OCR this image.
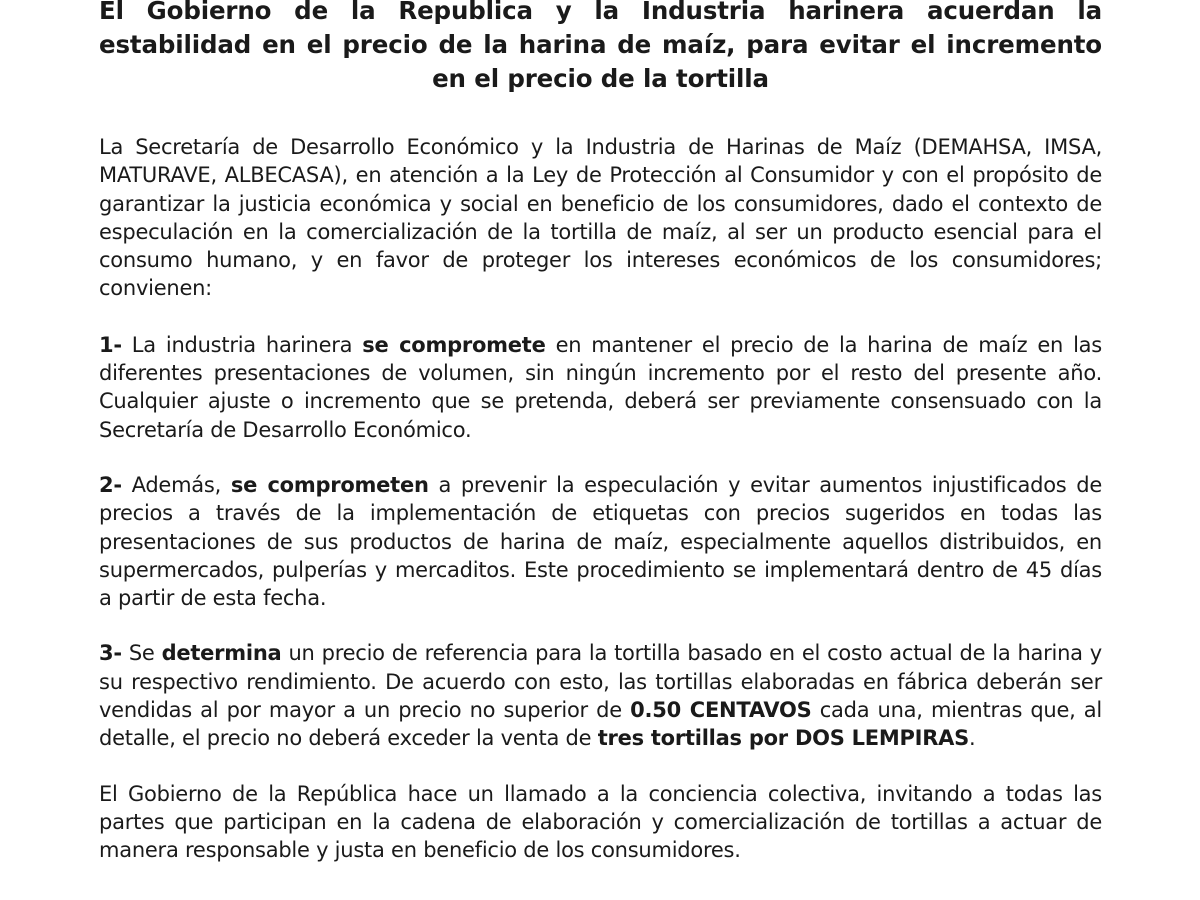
El Gobierno de la Republica y la Industria harinera acuerdan la estabilidad en el precio de la harina de maíz, para evitar el incremento en el precio de la tortilla

La Secretaría de Desarrollo Económico y la Industria de Harinas de Maíz (DEMAHSA, IMSA, MATURAVE, ALBECASA), en atención a la Ley de Protección al Consumidor y con el propósito de garantizar la justicia económica y social en beneficio de los consumidores, dado el contexto de especulación en la comercialización de la tortilla de maíz, al ser un producto esencial para el consumo humano, y en favor de proteger los intereses económicos de los consumidores; convienen:

1- La industria harinera se compromete en mantener el precio de la harina de maíz en las diferentes presentaciones de volumen, sin ningún incremento por el resto del presente año. Cualquier ajuste o incremento que se pretenda, deberá ser previamente consensuado con la Secretaría de Desarrollo Económico.

2- Además, se comprometen a prevenir la especulación y evitar aumentos injustificados de precios a través de la implementación de etiquetas con precios sugeridos en todas las presentaciones de sus productos de harina de maíz, especialmente aquellos distribuidos, en supermercados, pulperías y mercaditos. Este procedimiento se implementará dentro de 45 días a partir de esta fecha.

3- Se determina un precio de referencia para la tortilla basado en el costo actual de la harina y su respectivo rendimiento. De acuerdo con esto, las tortillas elaboradas en fábrica deberán ser vendidas al por mayor a un precio no superior de 0.50 CENTAVOS cada una, mientras que, al detalle, el precio no deberá exceder la venta de tres tortillas por DOS LEMPIRAS.

El Gobierno de la República hace un llamado a la conciencia colectiva, invitando a todas las partes que participan en la cadena de elaboración y comercialización de tortillas a actuar de manera responsable y justa en beneficio de los consumidores.
